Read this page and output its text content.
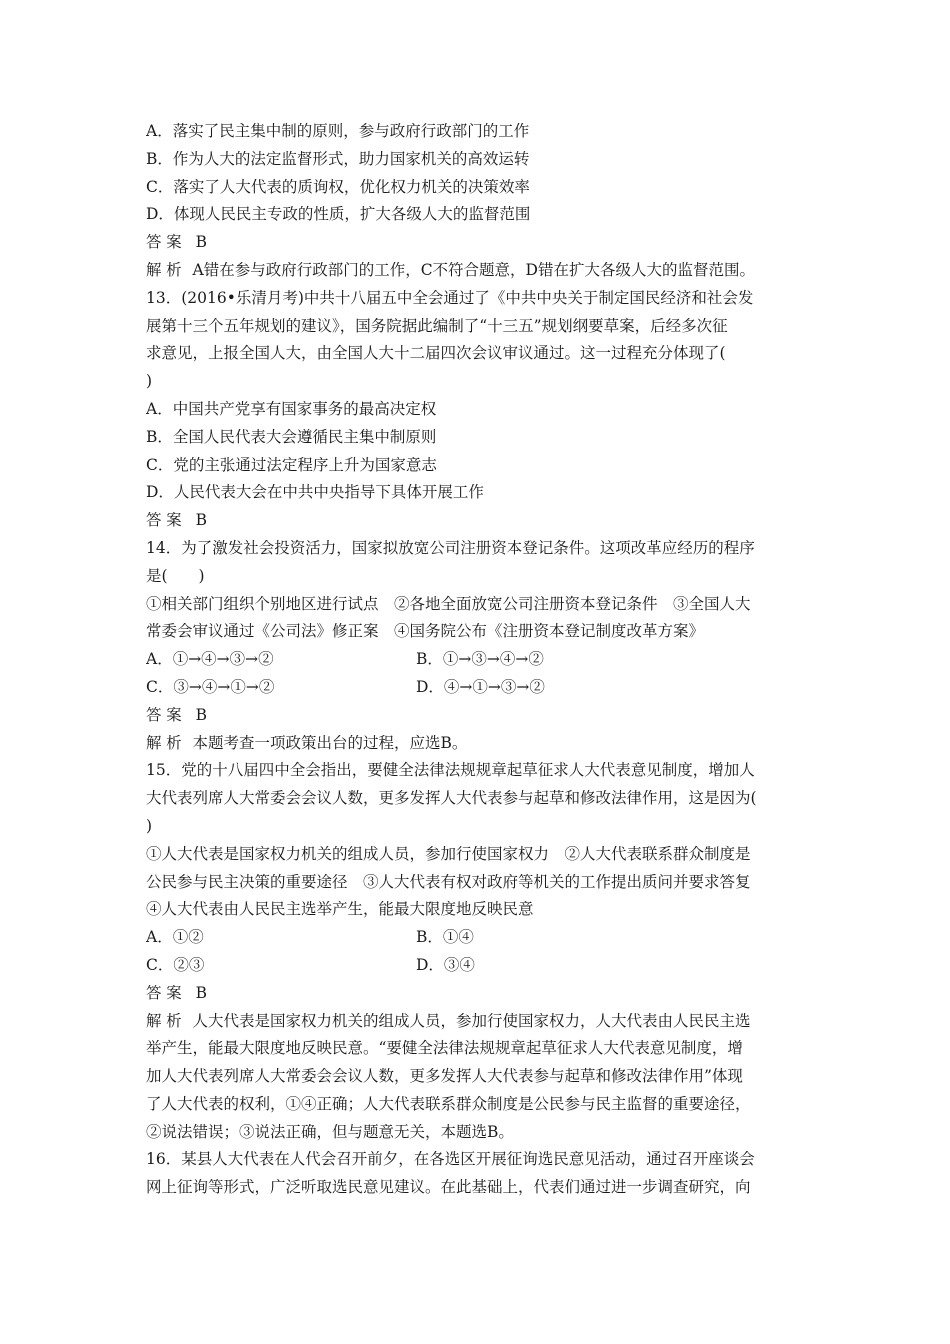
A．落实了民主集中制的原则，参与政府行政部门的工作
B．作为人大的法定监督形式，助力国家机关的高效运转
C．落实了人大代表的质询权，优化权力机关的决策效率
D．体现人民民主专政的性质，扩大各级人大的监督范围
答案 B
解析 A错在参与政府行政部门的工作，C不符合题意，D错在扩大各级人大的监督范围。
13．(2016•乐清月考)中共十八届五中全会通过了《中共中央关于制定国民经济和社会发
展第十三个五年规划的建议》，国务院据此编制了“十三五”规划纲要草案，后经多次征
求意见，上报全国人大，由全国人大十二届四次会议审议通过。这一过程充分体现了(
)
A．中国共产党享有国家事务的最高决定权
B．全国人民代表大会遵循民主集中制原则
C．党的主张通过法定程序上升为国家意志
D．人民代表大会在中共中央指导下具体开展工作
答案 B
14．为了激发社会投资活力，国家拟放宽公司注册资本登记条件。这项改革应经历的程序
是(　　)
①相关部门组织个别地区进行试点　②各地全面放宽公司注册资本登记条件　③全国人大
常委会审议通过《公司法》修正案　④国务院公布《注册资本登记制度改革方案》
A．①→④→③→②	B．①→③→④→②
C．③→④→①→②	D．④→①→③→②
答案 B
解析 本题考查一项政策出台的过程，应选B。
15．党的十八届四中全会指出，要健全法律法规规章起草征求人大代表意见制度，增加人
大代表列席人大常委会会议人数，更多发挥人大代表参与起草和修改法律作用，这是因为(
)
①人大代表是国家权力机关的组成人员，参加行使国家权力　②人大代表联系群众制度是
公民参与民主决策的重要途径　③人大代表有权对政府等机关的工作提出质问并要求答复
④人大代表由人民民主选举产生，能最大限度地反映民意
A．①②	B．①④
C．②③	D．③④
答案 B
解析 人大代表是国家权力机关的组成人员，参加行使国家权力，人大代表由人民民主选
举产生，能最大限度地反映民意。“要健全法律法规规章起草征求人大代表意见制度，增
加人大代表列席人大常委会会议人数，更多发挥人大代表参与起草和修改法律作用”体现
了人大代表的权利，①④正确；人大代表联系群众制度是公民参与民主监督的重要途径，
②说法错误；③说法正确，但与题意无关，本题选B。
16．某县人大代表在人代会召开前夕，在各选区开展征询选民意见活动，通过召开座谈会
网上征询等形式，广泛听取选民意见建议。在此基础上，代表们通过进一步调查研究，向
